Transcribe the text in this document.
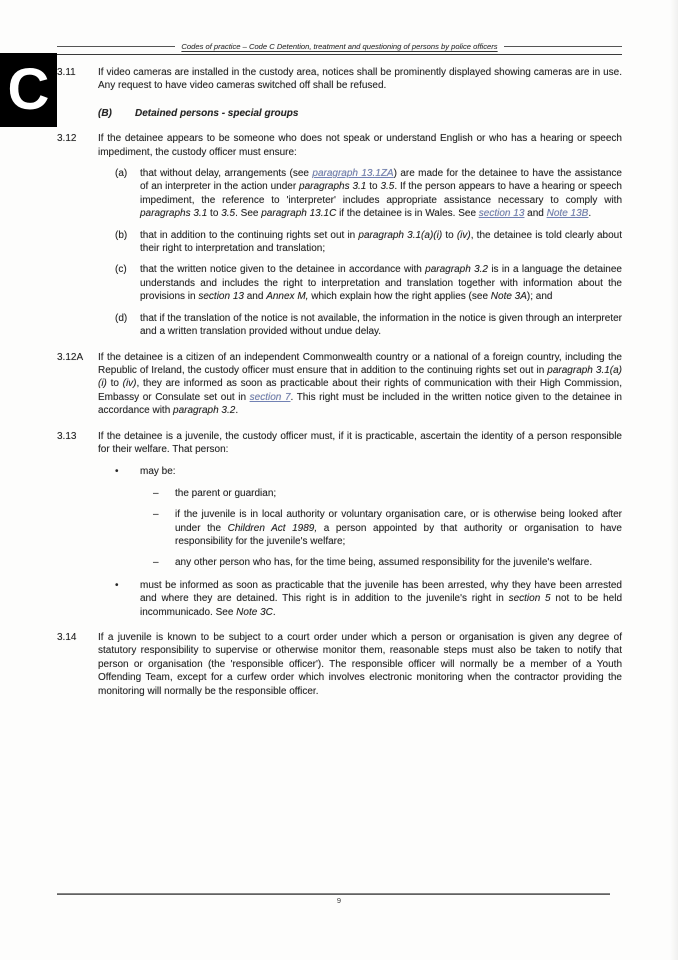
Codes of practice – Code C Detention, treatment and questioning of persons by police officers
C 3.11	If video cameras are installed in the custody area, notices shall be prominently displayed showing cameras are in use. Any request to have video cameras switched off shall be refused.

(B)	Detained persons - special groups

3.12	If the detainee appears to be someone who does not speak or understand English or who has a hearing or speech impediment, the custody officer must ensure:

(a)	that without delay, arrangements (see paragraph 13.1ZA) are made for the detainee to have the assistance of an interpreter in the action under paragraphs 3.1 to 3.5. If the person appears to have a hearing or speech impediment, the reference to 'interpreter' includes appropriate assistance necessary to comply with paragraphs 3.1 to 3.5. See paragraph 13.1C if the detainee is in Wales. See section 13 and Note 13B.

(b)	that in addition to the continuing rights set out in paragraph 3.1(a)(i) to (iv), the detainee is told clearly about their right to interpretation and translation;

(c)	that the written notice given to the detainee in accordance with paragraph 3.2 is in a language the detainee understands and includes the right to interpretation and translation together with information about the provisions in section 13 and Annex M, which explain how the right applies (see Note 3A); and

(d)	that if the translation of the notice is not available, the information in the notice is given through an interpreter and a written translation provided without undue delay.

3.12A	If the detainee is a citizen of an independent Commonwealth country or a national of a foreign country, including the Republic of Ireland, the custody officer must ensure that in addition to the continuing rights set out in paragraph 3.1(a)(i) to (iv), they are informed as soon as practicable about their rights of communication with their High Commission, Embassy or Consulate set out in section 7. This right must be included in the written notice given to the detainee in accordance with paragraph 3.2.

3.13	If the detainee is a juvenile, the custody officer must, if it is practicable, ascertain the identity of a person responsible for their welfare. That person:

•	may be:

–	the parent or guardian;

–	if the juvenile is in local authority or voluntary organisation care, or is otherwise being looked after under the Children Act 1989, a person appointed by that authority or organisation to have responsibility for the juvenile's welfare;

–	any other person who has, for the time being, assumed responsibility for the juvenile's welfare.

•	must be informed as soon as practicable that the juvenile has been arrested, why they have been arrested and where they are detained. This right is in addition to the juvenile's right in section 5 not to be held incommunicado. See Note 3C.

3.14	If a juvenile is known to be subject to a court order under which a person or organisation is given any degree of statutory responsibility to supervise or otherwise monitor them, reasonable steps must also be taken to notify that person or organisation (the 'responsible officer'). The responsible officer will normally be a member of a Youth Offending Team, except for a curfew order which involves electronic monitoring when the contractor providing the monitoring will normally be the responsible officer.

9
